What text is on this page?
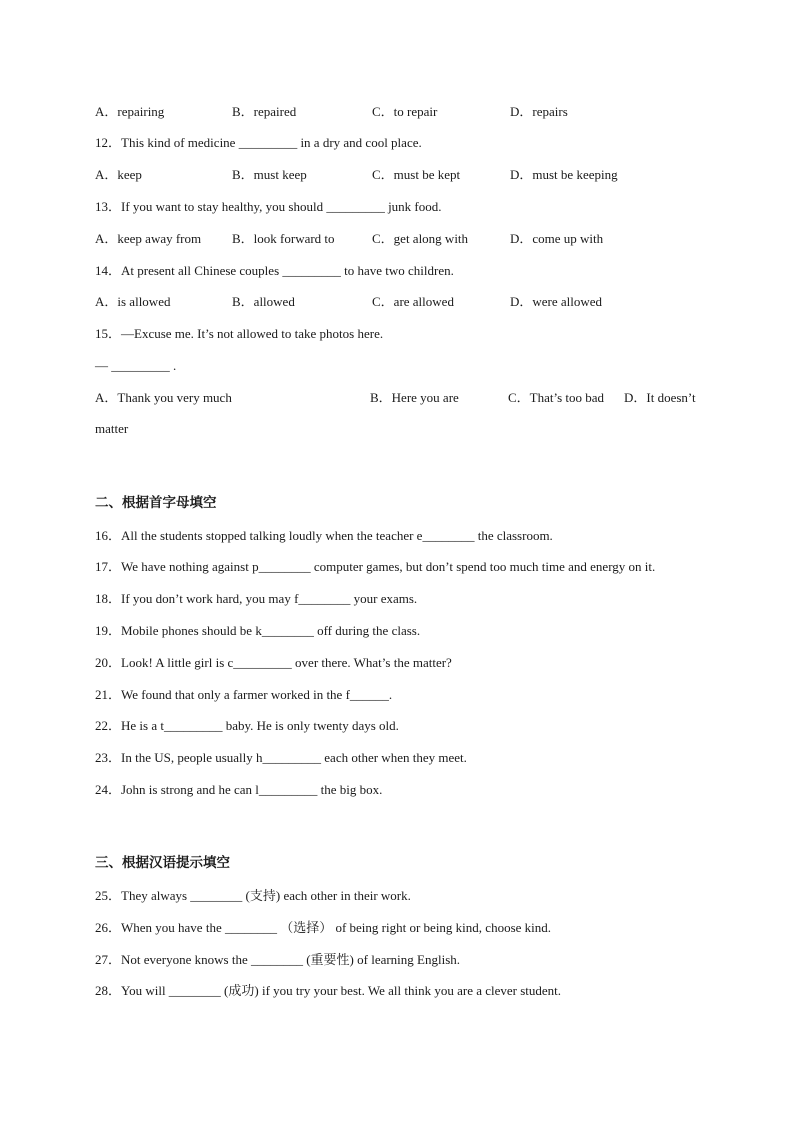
A．repairing	B．repaired	C．to repair	D．repairs
12．This kind of medicine _________ in a dry and cool place.
A．keep	B．must keep	C．must be kept	D．must be keeping
13．If you want to stay healthy, you should _________ junk food.
A．keep away from B．look forward to	C．get along with	D．come up with
14．At present all Chinese couples _________ to have two children.
A．is allowed	B．allowed	C．are allowed	D．were allowed
15．—Excuse me. It’s not allowed to take photos here.
— _________ .
A．Thank you very much	B．Here you are	C．That’s too bad D．It doesn’t
matter
二、根据首字母填空
16．All the students stopped talking loudly when the teacher e________ the classroom.
17．We have nothing against p________ computer games, but don’t spend too much time and energy on it.
18．If you don’t work hard, you may f________ your exams.
19．Mobile phones should be k________ off during the class.
20．Look! A little girl is c_________ over there. What’s the matter?
21．We found that only a farmer worked in the f______.
22．He is a t_________ baby. He is only twenty days old.
23．In the US, people usually h_________ each other when they meet.
24．John is strong and he can l_________ the big box.
三、根据汉语提示填空
25．They always ________ (支持) each other in their work.
26．When you have the ________ （选择） of being right or being kind, choose kind.
27．Not everyone knows the ________ (重要性) of learning English.
28．You will ________ (成功) if you try your best. We all think you are a clever student.
